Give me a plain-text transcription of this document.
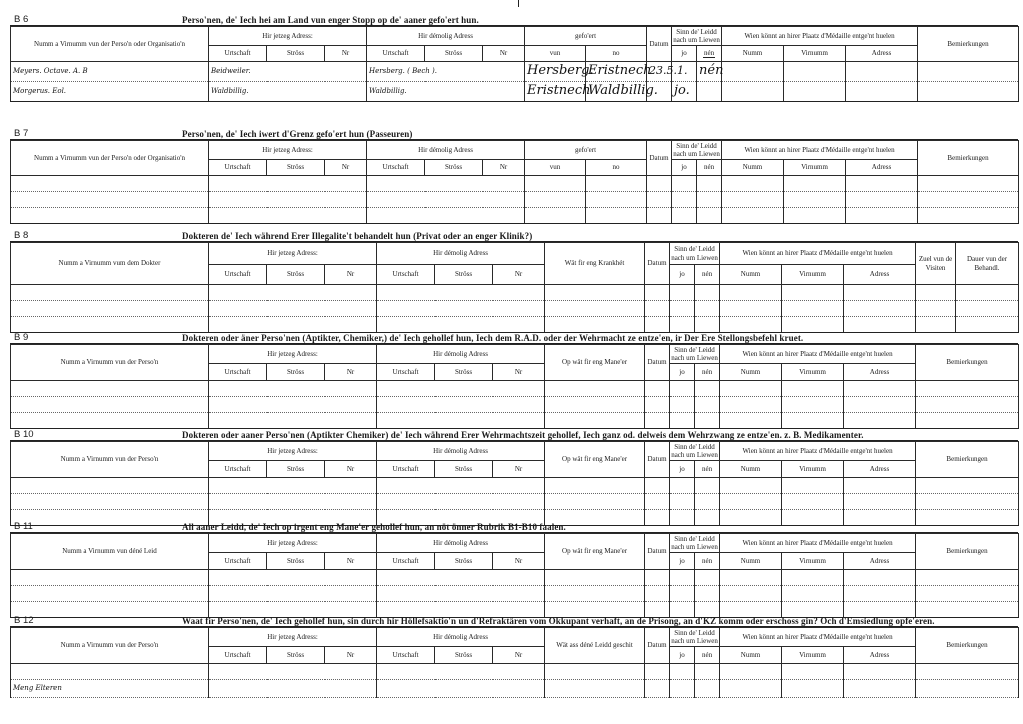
B 6	Perso'nen, de' Iech hei am Land vun enger Stopp op de' aaner gefo'ert hun.
Numm a Virnumm vun der Perso'n oder Organisatio'n	Hir jetzeg Adress:			Hir démolig Adress			gefo'ert		Datum	Sinn de' Leidd nach um Liewen		Wien könnt an hirer Plaatz d'Médaille entge'nt huelen			Bemierkungen
	Urtschaft	Ströss	Nr	Urtschaft	Ströss	Nr	vun	no		jo	nén	Numm	Virnumm	Adress	
Meyers. Octave. A. B	Beidweiler.			Hersberg. ( Bech ).			Hersberg.	Eristnech	23.5.1.		nén				
Morgerus. Eol.	Waldbillig.			Waldbillig.			Eristnech	Waldbillig.		jo.					
B 7	Perso'nen, de' Iech iwert d'Grenz gefo'ert hun (Passeuren)
Numm a Virnumm vun der Perso'n oder Organisatio'n	Hir jetzeg Adress:			Hir démolig Adress			gefo'ert		Datum	Sinn de' Leidd nach um Liewen		Wien könnt an hirer Plaatz d'Médaille entge'nt huelen			Bemierkungen
	Urtschaft	Ströss	Nr	Urtschaft	Ströss	Nr	vun	no		jo	nén	Numm	Virnumm	Adress	

B 8	Dokteren de' Iech während Erer Illegalite't behandelt hun (Privat oder an enger Klinik?)
Numm a Virnumm vum dem Dokter	Hir jetzeg Adress:			Hir démolig Adress			Wät fir eng Krankhét	Datum	Sinn de' Leidd nach um Liewen		Wien könnt an hirer Plaatz d'Médaille entge'nt huelen			Zuel vun de Visiten	Dauer vun der Behandl.
	Urtschaft	Ströss	Nr	Urtschaft	Ströss	Nr			jo	nén	Numm	Virnumm	Adress		

B 9	Dokteren oder äner Perso'nen (Aptikter, Chemiker,) de' Iech gehollef hun, Iech dem R.A.D. oder der Wehrmacht ze entze'en, ir Der Ere Stellongsbefehl kruet.
Numm a Virnumm vun der Perso'n	Hir jetzeg Adress:			Hir démolig Adress			Op wät fir eng Mane'er	Datum	Sinn de' Leidd nach um Liewen		Wien könnt an hirer Plaatz d'Médaille entge'nt huelen			Bemierkungen
	Urtschaft	Ströss	Nr	Urtschaft	Ströss	Nr			jo	nén	Numm	Virnumm	Adress	

B 10	Dokteren oder aaner Perso'nen (Aptikter Chemiker) de' Iech während Erer Wehrmachtszeit gehollef, Iech ganz od. delweis dem Wehrzwang ze entze'en. z. B. Medikamenter.
Numm a Virnumm vun der Perso'n	Hir jetzeg Adress:			Hir démolig Adress			Op wät fir eng Mane'er	Datum	Sinn de' Leidd nach um Liewen		Wien könnt an hirer Plaatz d'Médaille entge'nt huelen			Bemierkungen
	Urtschaft	Ströss	Nr	Urtschaft	Ströss	Nr			jo	nén	Numm	Virnumm	Adress	

B 11	All aaner Leidd, de' Iech op irgent eng Mane'er gehollef hun, an nöt önner Rubrik B1-B10 faalen.
Numm a Virnumm vun déné Leid	Hir jetzeg Adress:			Hir démolig Adress			Op wät fir eng Mane'er	Datum	Sinn de' Leidd nach um Liewen		Wien könnt an hirer Plaatz d'Médaille entge'nt huelen			Bemierkungen
	Urtschaft	Ströss	Nr	Urtschaft	Ströss	Nr			jo	nén	Numm	Virnumm	Adress	

B 12	Waat fir Perso'nen, de' Iech gehollef hun, sin durch hir Höllefsaktio'n un d'Refraktären vom Okkupant verhaft, an de Prisong, an d'KZ komm oder erschoss gin? Och d'Emsiedlung opfe'eren.
Numm a Virnumm vun der Perso'n	Hir jetzeg Adress:			Hir démolig Adress			Wät ass déné Leidd geschit	Datum	Sinn de' Leidd nach um Liewen		Wien könnt an hirer Plaatz d'Médaille entge'nt huelen			Bemierkungen
	Urtschaft	Ströss	Nr	Urtschaft	Ströss	Nr			jo	nén	Numm	Virnumm	Adress	

Meng Elteren														
